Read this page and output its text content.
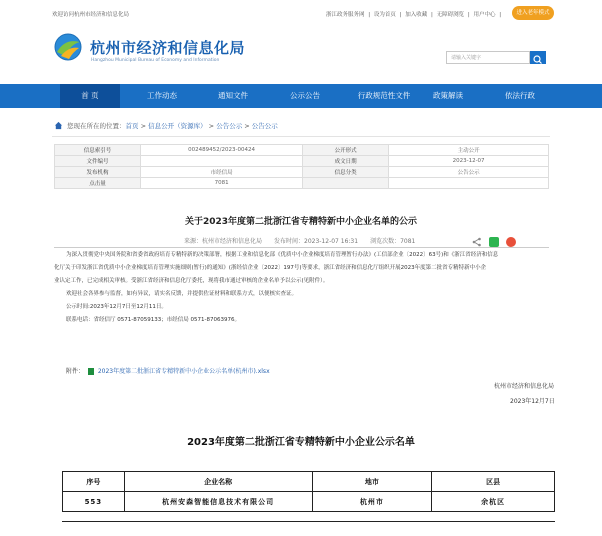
欢迎访问杭州市经济和信息化局	浙江政务服务网 | 设为首页 | 加入收藏 | 无障碍浏览 | 用户中心 |	进入老年模式
杭州市经济和信息化局
Hangzhou Municipal Bureau of Economy and Information	请输入关键字
首 页	工作动态	通知文件	公示公告	行政规范性文件	政策解读	依法行政
您现在所在的位置：首页 > 信息公开（资源库） > 公告公示 > 公告公示
信息索引号	002489452/2023-00424	公开形式	主动公开
文件编号		成文日期	2023-12-07
发布机构	市经信局	信息分类	公告公示
点击量	7081		
关于2023年度第二批浙江省专精特新中小企业名单的公示
来源：杭州市经济和信息化局　　发布时间：2023-12-07 16:31　　浏览次数：7081

为深入贯彻党中央国务院和省委省政府培育专精特新的决策部署，根据工业和信息化部《优质中小企业梯度培育管理暂行办法》(工信部企业〔2022〕63号)和《浙江省经济和信息
化厅关于印发浙江省优质中小企业梯度培育管理实施细则(暂行)的通知》(浙经信企业〔2022〕197号)等要求，浙江省经济和信息化厅组织开展2023年度第二批省专精特新中小企
业认定工作，已完成相关审核。受浙江省经济和信息化厅委托，现将我市通过审核的企业名单予以公示(见附件）。
欢迎社会各界参与监督，如有异议，请实名反馈，并提供佐证材料和联系方式，以便核实查证。
公示时间:2023年12月7日至12月11日。
联系电话：省经信厅 0571-87059133；市经信局 0571-87063976。
附件： 2023年度第二批浙江省专精特新中小企业公示名单(杭州市).xlsx
杭州市经济和信息化局
2023年12月7日
2023年度第二批浙江省专精特新中小企业公示名单
序号	企业名称	地市	区县
553	杭州安森智能信息技术有限公司	杭州市	余杭区
